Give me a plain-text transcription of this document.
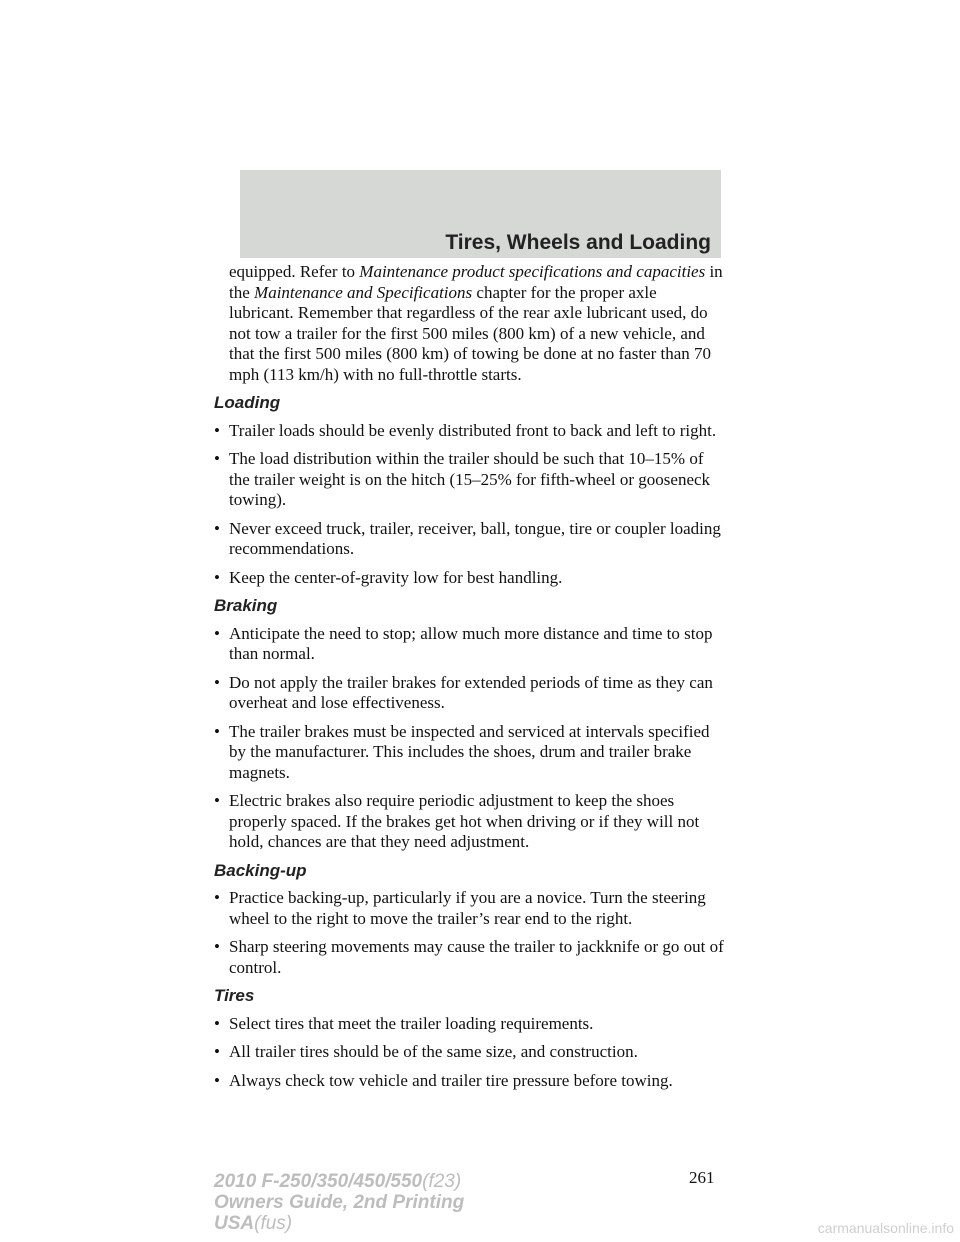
Tires, Wheels and Loading

equipped. Refer to Maintenance product specifications and capacities in the Maintenance and Specifications chapter for the proper axle lubricant. Remember that regardless of the rear axle lubricant used, do not tow a trailer for the first 500 miles (800 km) of a new vehicle, and that the first 500 miles (800 km) of towing be done at no faster than 70 mph (113 km/h) with no full-throttle starts.

Loading
• Trailer loads should be evenly distributed front to back and left to right.
• The load distribution within the trailer should be such that 10–15% of the trailer weight is on the hitch (15–25% for fifth-wheel or gooseneck towing).
• Never exceed truck, trailer, receiver, ball, tongue, tire or coupler loading recommendations.
• Keep the center-of-gravity low for best handling.
Braking
• Anticipate the need to stop; allow much more distance and time to stop than normal.
• Do not apply the trailer brakes for extended periods of time as they can overheat and lose effectiveness.
• The trailer brakes must be inspected and serviced at intervals specified by the manufacturer. This includes the shoes, drum and trailer brake magnets.
• Electric brakes also require periodic adjustment to keep the shoes properly spaced. If the brakes get hot when driving or if they will not hold, chances are that they need adjustment.
Backing-up
• Practice backing-up, particularly if you are a novice. Turn the steering wheel to the right to move the trailer’s rear end to the right.
• Sharp steering movements may cause the trailer to jackknife or go out of control.
Tires
• Select tires that meet the trailer loading requirements.
• All trailer tires should be of the same size, and construction.
• Always check tow vehicle and trailer tire pressure before towing.
261
2010 F-250/350/450/550(f23)
Owners Guide, 2nd Printing
USA(fus)	carmanualsonline.info
